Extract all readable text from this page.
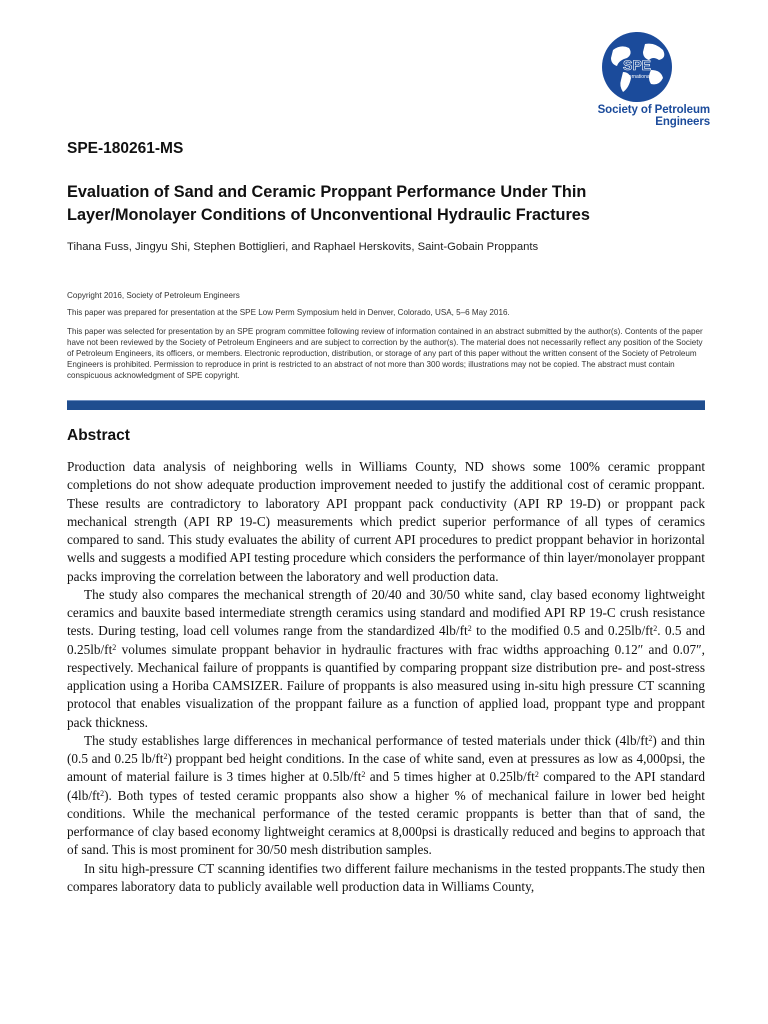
SPE
International
Society of Petroleum Engineers
SPE-180261-MS
Evaluation of Sand and Ceramic Proppant Performance Under Thin Layer/Monolayer Conditions of Unconventional Hydraulic Fractures
Tihana Fuss, Jingyu Shi, Stephen Bottiglieri, and Raphael Herskovits, Saint-Gobain Proppants
Copyright 2016, Society of Petroleum Engineers
This paper was prepared for presentation at the SPE Low Perm Symposium held in Denver, Colorado, USA, 5–6 May 2016.
This paper was selected for presentation by an SPE program committee following review of information contained in an abstract submitted by the author(s). Contents of the paper have not been reviewed by the Society of Petroleum Engineers and are subject to correction by the author(s). The material does not necessarily reflect any position of the Society of Petroleum Engineers, its officers, or members. Electronic reproduction, distribution, or storage of any part of this paper without the written consent of the Society of Petroleum Engineers is prohibited. Permission to reproduce in print is restricted to an abstract of not more than 300 words; illustrations may not be copied. The abstract must contain conspicuous acknowledgment of SPE copyright.
Abstract

Production data analysis of neighboring wells in Williams County, ND shows some 100% ceramic proppant completions do not show adequate production improvement needed to justify the additional cost of ceramic proppant. These results are contradictory to laboratory API proppant pack conductivity (API RP 19-D) or proppant pack mechanical strength (API RP 19-C) measurements which predict superior performance of all types of ceramics compared to sand. This study evaluates the ability of current API procedures to predict proppant behavior in horizontal wells and suggests a modified API testing procedure which considers the performance of thin layer/monolayer proppant packs improving the correlation between the laboratory and well production data.

The study also compares the mechanical strength of 20/40 and 30/50 white sand, clay based economy lightweight ceramics and bauxite based intermediate strength ceramics using standard and modified API RP 19-C crush resistance tests. During testing, load cell volumes range from the standardized $4lb/ft^2$ to the modified 0.5 and $0.25lb/ft^2$. 0.5 and $0.25lb/ft^2$ volumes simulate proppant behavior in hydraulic fractures with frac widths approaching 0.12″ and 0.07″, respectively. Mechanical failure of proppants is quantified by comparing proppant size distribution pre- and post-stress application using a Horiba CAMSIZER. Failure of proppants is also measured using in-situ high pressure CT scanning protocol that enables visualization of the proppant failure as a function of applied load, proppant type and proppant pack thickness.

The study establishes large differences in mechanical performance of tested materials under thick $(4lb/ft^2)$ and thin (0.5 and 0.25 $lb/ft^2$) proppant bed height conditions. In the case of white sand, even at pressures as low as 4,000psi, the amount of material failure is 3 times higher at $0.5lb/ft^2$ and 5 times higher at $0.25lb/ft^2$ compared to the API standard $(4lb/ft^2)$. Both types of tested ceramic proppants also show a higher % of mechanical failure in lower bed height conditions. While the mechanical performance of the tested ceramic proppants is better than that of sand, the performance of clay based economy lightweight ceramics at 8,000psi is drastically reduced and begins to approach that of sand. This is most prominent for 30/50 mesh distribution samples.

In situ high-pressure CT scanning identifies two different failure mechanisms in the tested proppants.The study then compares laboratory data to publicly available well production data in Williams County,
